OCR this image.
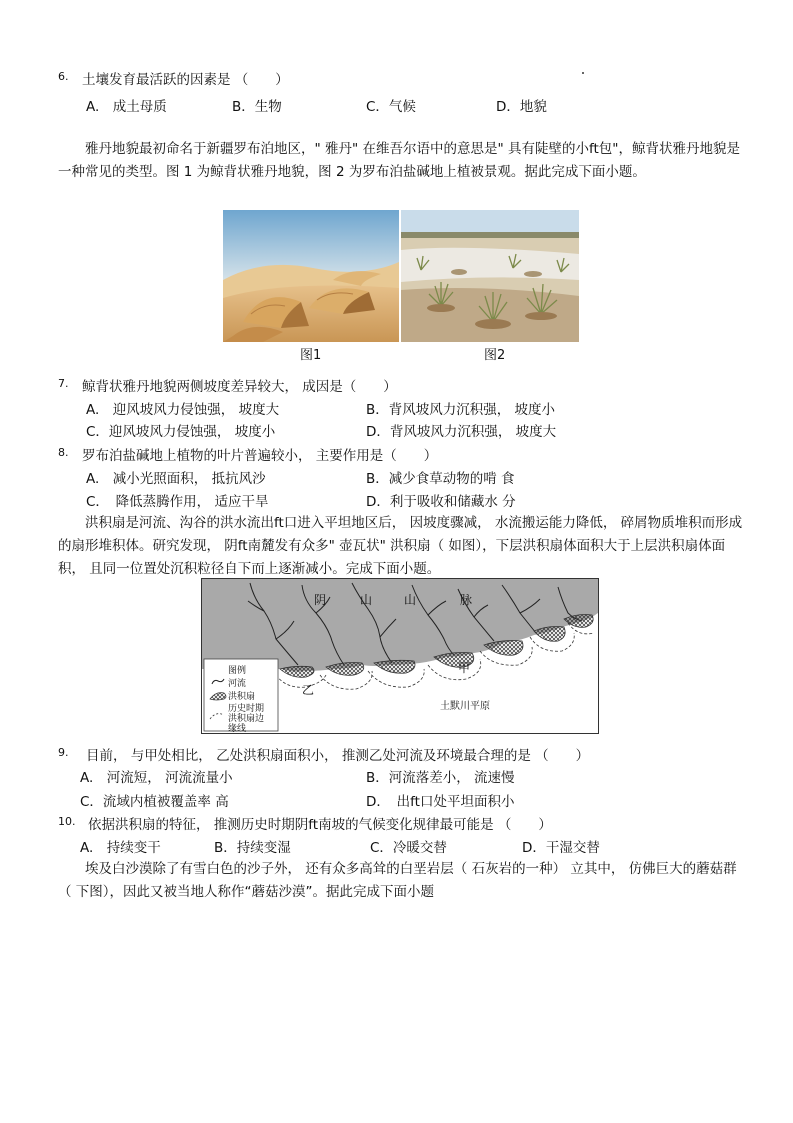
6. 土壤发育最活跃的因素是 （　　）
A.　成土母质	B．生物	C．气候	D．地貌
　　雅丹地貌最初命名于新疆罗布泊地区，" 雅丹" 在维吾尔语中的意思是" 具有陡壁的小ft包"，鲸背状雅丹地貌是一种常见的类型。图 1 为鲸背状雅丹地貌，图 2 为罗布泊盐碱地上植被景观。据此完成下面小题。
图1	图2
7. 鲸背状雅丹地貌两侧坡度差异较大， 成因是（　　）
A.　迎风坡风力侵蚀强， 坡度大	B．背风坡风力沉积强， 坡度小
C．迎风坡风力侵蚀强， 坡度小	D．背风坡风力沉积强， 坡度大
8. 罗布泊盐碱地上植物的叶片普遍较小， 主要作用是（　　）
A.　减小光照面积， 抵抗风沙	B．减少食草动物的啃 食
C．　降低蒸腾作用， 适应干旱	D．利于吸收和储藏水 分
　　洪积扇是河流、沟谷的洪水流出ft口进入平坦地区后， 因坡度骤减， 水流搬运能力降低， 碎屑物质堆积而形成的扇形堆积体。研究发现， 阴ft南麓发有众多" 壶瓦状" 洪积扇（ 如图），下层洪积扇体面积大于上层洪积扇体面积， 且同一位置处沉积粒径自下而上逐渐减小。完成下面小题。
阴	山	山	脉
甲
乙
土默川平原
图例
河流
洪积扇
历史时期
洪积扇边
缘线
9. 目前， 与甲处相比， 乙处洪积扇面积小， 推测乙处河流及环境最合理的是 （　　）
A.　河流短， 河流流量小	B．河流落差小， 流速慢
C．流域内植被覆盖率 高	D．　出ft口处平坦面积小
10. 依据洪积扇的特征， 推测历史时期阴ft南坡的气候变化规律最可能是 （　　）
A.　持续变干	B．持续变湿	C．冷暖交替	D．干湿交替
　　埃及白沙漠除了有雪白色的沙子外， 还有众多高耸的白垩岩层（ 石灰岩的一种） 立其中， 仿佛巨大的蘑菇群（ 下图），因此又被当地人称作“蘑菇沙漠”。据此完成下面小题
